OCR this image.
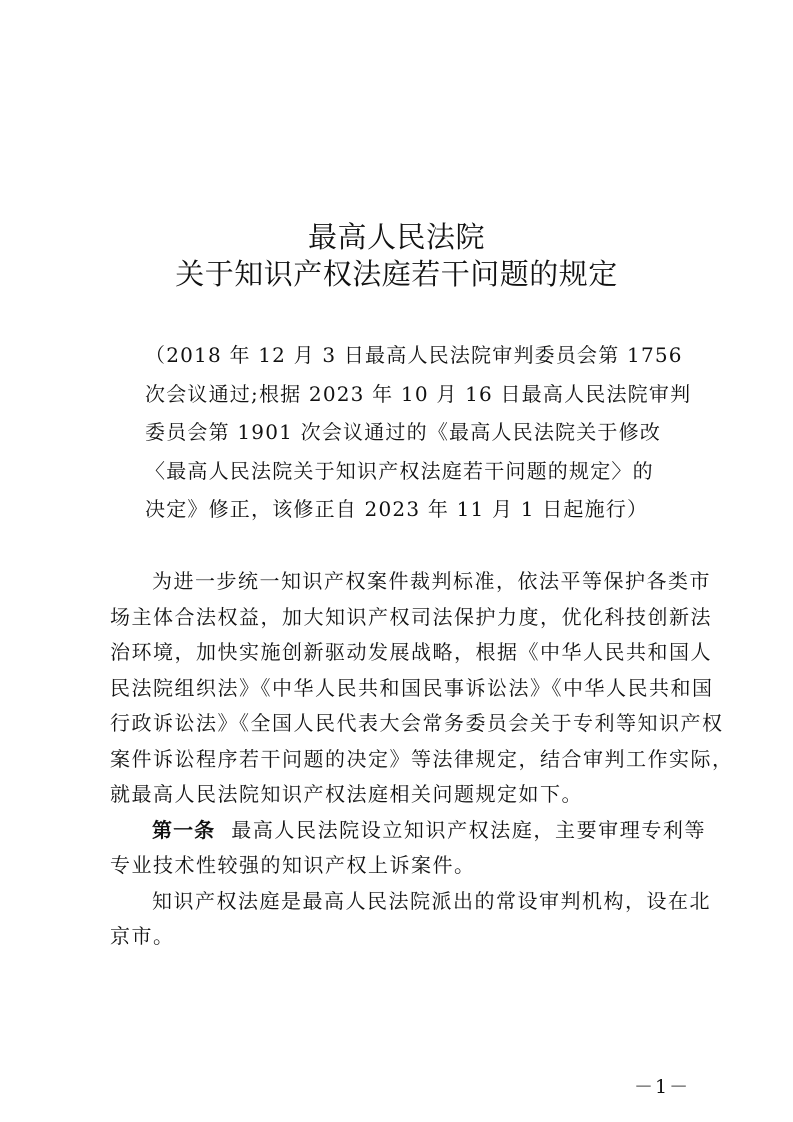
最高人民法院
关于知识产权法庭若干问题的规定

（2018 年 12 月 3 日最高人民法院审判委员会第 1756

次会议通过;根据 2023 年 10 月 16 日最高人民法院审判

委员会第 1901 次会议通过的《最高人民法院关于修改

〈最高人民法院关于知识产权法庭若干问题的规定〉的

决定》修正，该修正自 2023 年 11 月 1 日起施行）

为进一步统一知识产权案件裁判标准，依法平等保护各类市
场主体合法权益，加大知识产权司法保护力度，优化科技创新法
治环境，加快实施创新驱动发展战略，根据《中华人民共和国人
民法院组织法》《中华人民共和国民事诉讼法》《中华人民共和国
行政诉讼法》《全国人民代表大会常务委员会关于专利等知识产权
案件诉讼程序若干问题的决定》等法律规定，结合审判工作实际，
就最高人民法院知识产权法庭相关问题规定如下。
第一条 最高人民法院设立知识产权法庭，主要审理专利等
专业技术性较强的知识产权上诉案件。
知识产权法庭是最高人民法院派出的常设审判机构，设在北
京市。
－1－
